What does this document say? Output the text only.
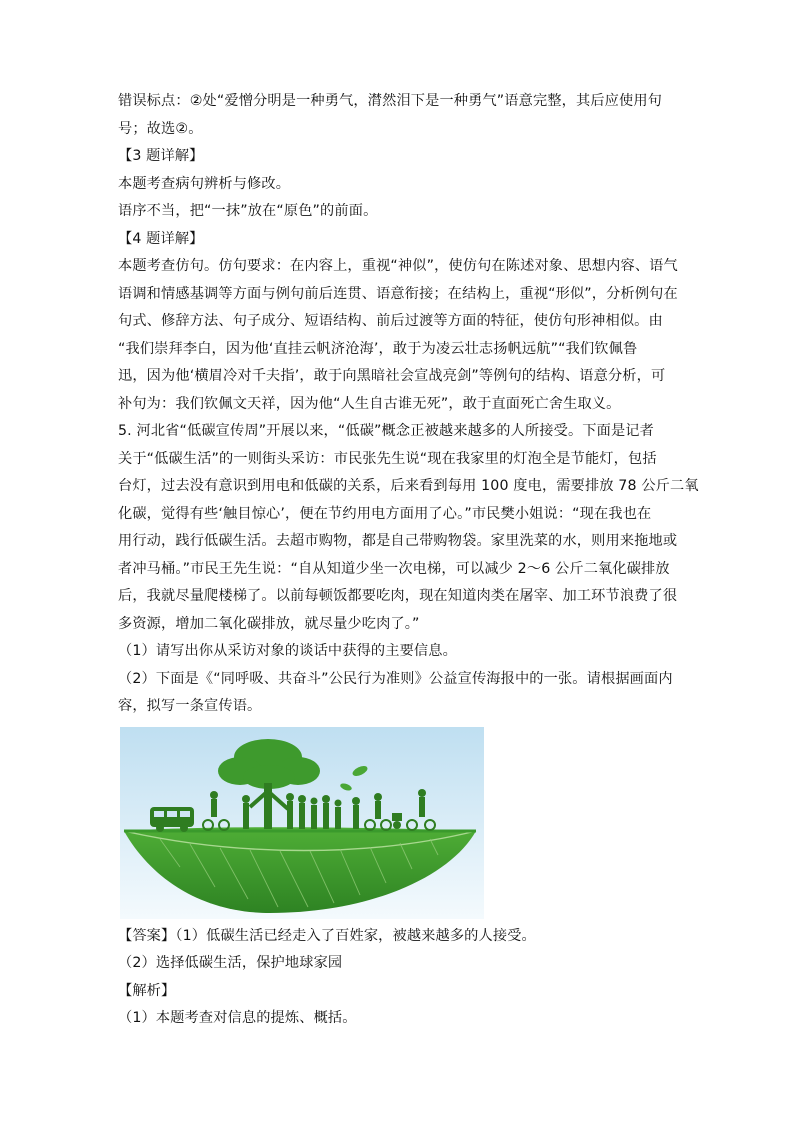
错误标点：②处“爱憎分明是一种勇气，潸然泪下是一种勇气”语意完整，其后应使用句
号；故选②。
【3 题详解】
本题考查病句辨析与修改。
语序不当，把“一抹”放在“原色”的前面。
【4 题详解】
本题考查仿句。仿句要求：在内容上，重视“神似”，使仿句在陈述对象、思想内容、语气
语调和情感基调等方面与例句前后连贯、语意衔接；在结构上，重视“形似”，分析例句在
句式、修辞方法、句子成分、短语结构、前后过渡等方面的特征，使仿句形神相似。由
“我们崇拜李白，因为他‘直挂云帆济沧海’，敢于为凌云壮志扬帆远航”“我们钦佩鲁
迅，因为他‘横眉冷对千夫指’，敢于向黑暗社会宣战亮剑”等例句的结构、语意分析，可
补句为：我们钦佩文天祥，因为他“人生自古谁无死”，敢于直面死亡舍生取义。
5. 河北省“低碳宣传周”开展以来，“低碳”概念正被越来越多的人所接受。下面是记者
关于“低碳生活”的一则街头采访：市民张先生说“现在我家里的灯泡全是节能灯，包括
台灯，过去没有意识到用电和低碳的关系，后来看到每用 100 度电，需要排放 78 公斤二氧
化碳，觉得有些‘触目惊心’，便在节约用电方面用了心。”市民樊小姐说：“现在我也在
用行动，践行低碳生活。去超市购物，都是自己带购物袋。家里洗菜的水，则用来拖地或
者冲马桶。”市民王先生说：“自从知道少坐一次电梯，可以减少 2～6 公斤二氧化碳排放
后，我就尽量爬楼梯了。以前每顿饭都要吃肉，现在知道肉类在屠宰、加工环节浪费了很
多资源，增加二氧化碳排放，就尽量少吃肉了。”
（1）请写出你从采访对象的谈话中获得的主要信息。
（2）下面是《“同呼吸、共奋斗”公民行为准则》公益宣传海报中的一张。请根据画面内
容，拟写一条宣传语。
【答案】（1）低碳生活已经走入了百姓家，被越来越多的人接受。
（2）选择低碳生活，保护地球家园
【解析】
（1）本题考查对信息的提炼、概括。
